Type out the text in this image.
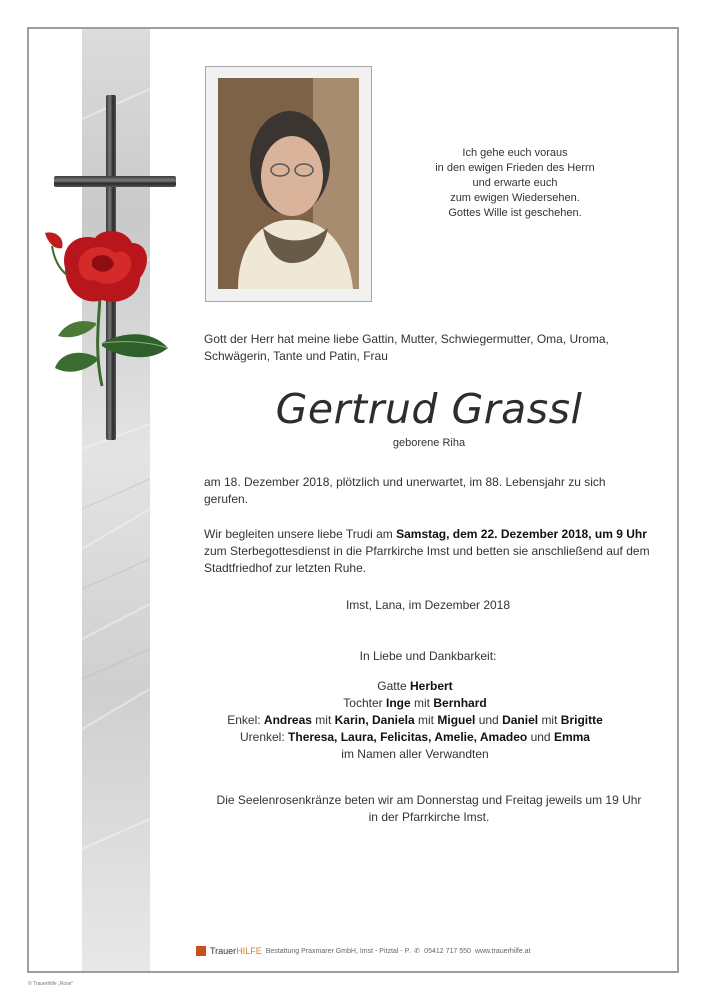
Ich gehe euch voraus
in den ewigen Frieden des Herrn
und erwarte euch
zum ewigen Wiedersehen.
Gottes Wille ist geschehen.
Gott der Herr hat meine liebe Gattin, Mutter, Schwiegermutter, Oma, Uroma, Schwägerin, Tante und Patin, Frau
Gertrud Grassl
geborene Riha
am 18. Dezember 2018, plötzlich und unerwartet, im 88. Lebensjahr zu sich gerufen.
Wir begleiten unsere liebe Trudi am Samstag, dem 22. Dezember 2018, um 9 Uhr zum Sterbegottesdienst in die Pfarrkirche Imst und betten sie anschließend auf dem Stadtfriedhof zur letzten Ruhe.
Imst, Lana, im Dezember 2018
In Liebe und Dankbarkeit:
Gatte Herbert
Tochter Inge mit Bernhard
Enkel: Andreas mit Karin, Daniela mit Miguel und Daniel mit Brigitte
Urenkel: Theresa, Laura, Felicitas, Amelie, Amadeo und Emma
im Namen aller Verwandten
Die Seelenrosenkränze beten wir am Donnerstag und Freitag jeweils um 19 Uhr in der Pfarrkirche Imst.
TrauerHILFE Bestattung Praxmarer GmbH, Imst - Pitztal - P. ✆ 05412 717 550 www.trauerhilfe.at
© Trauerhilfe „Rose"
